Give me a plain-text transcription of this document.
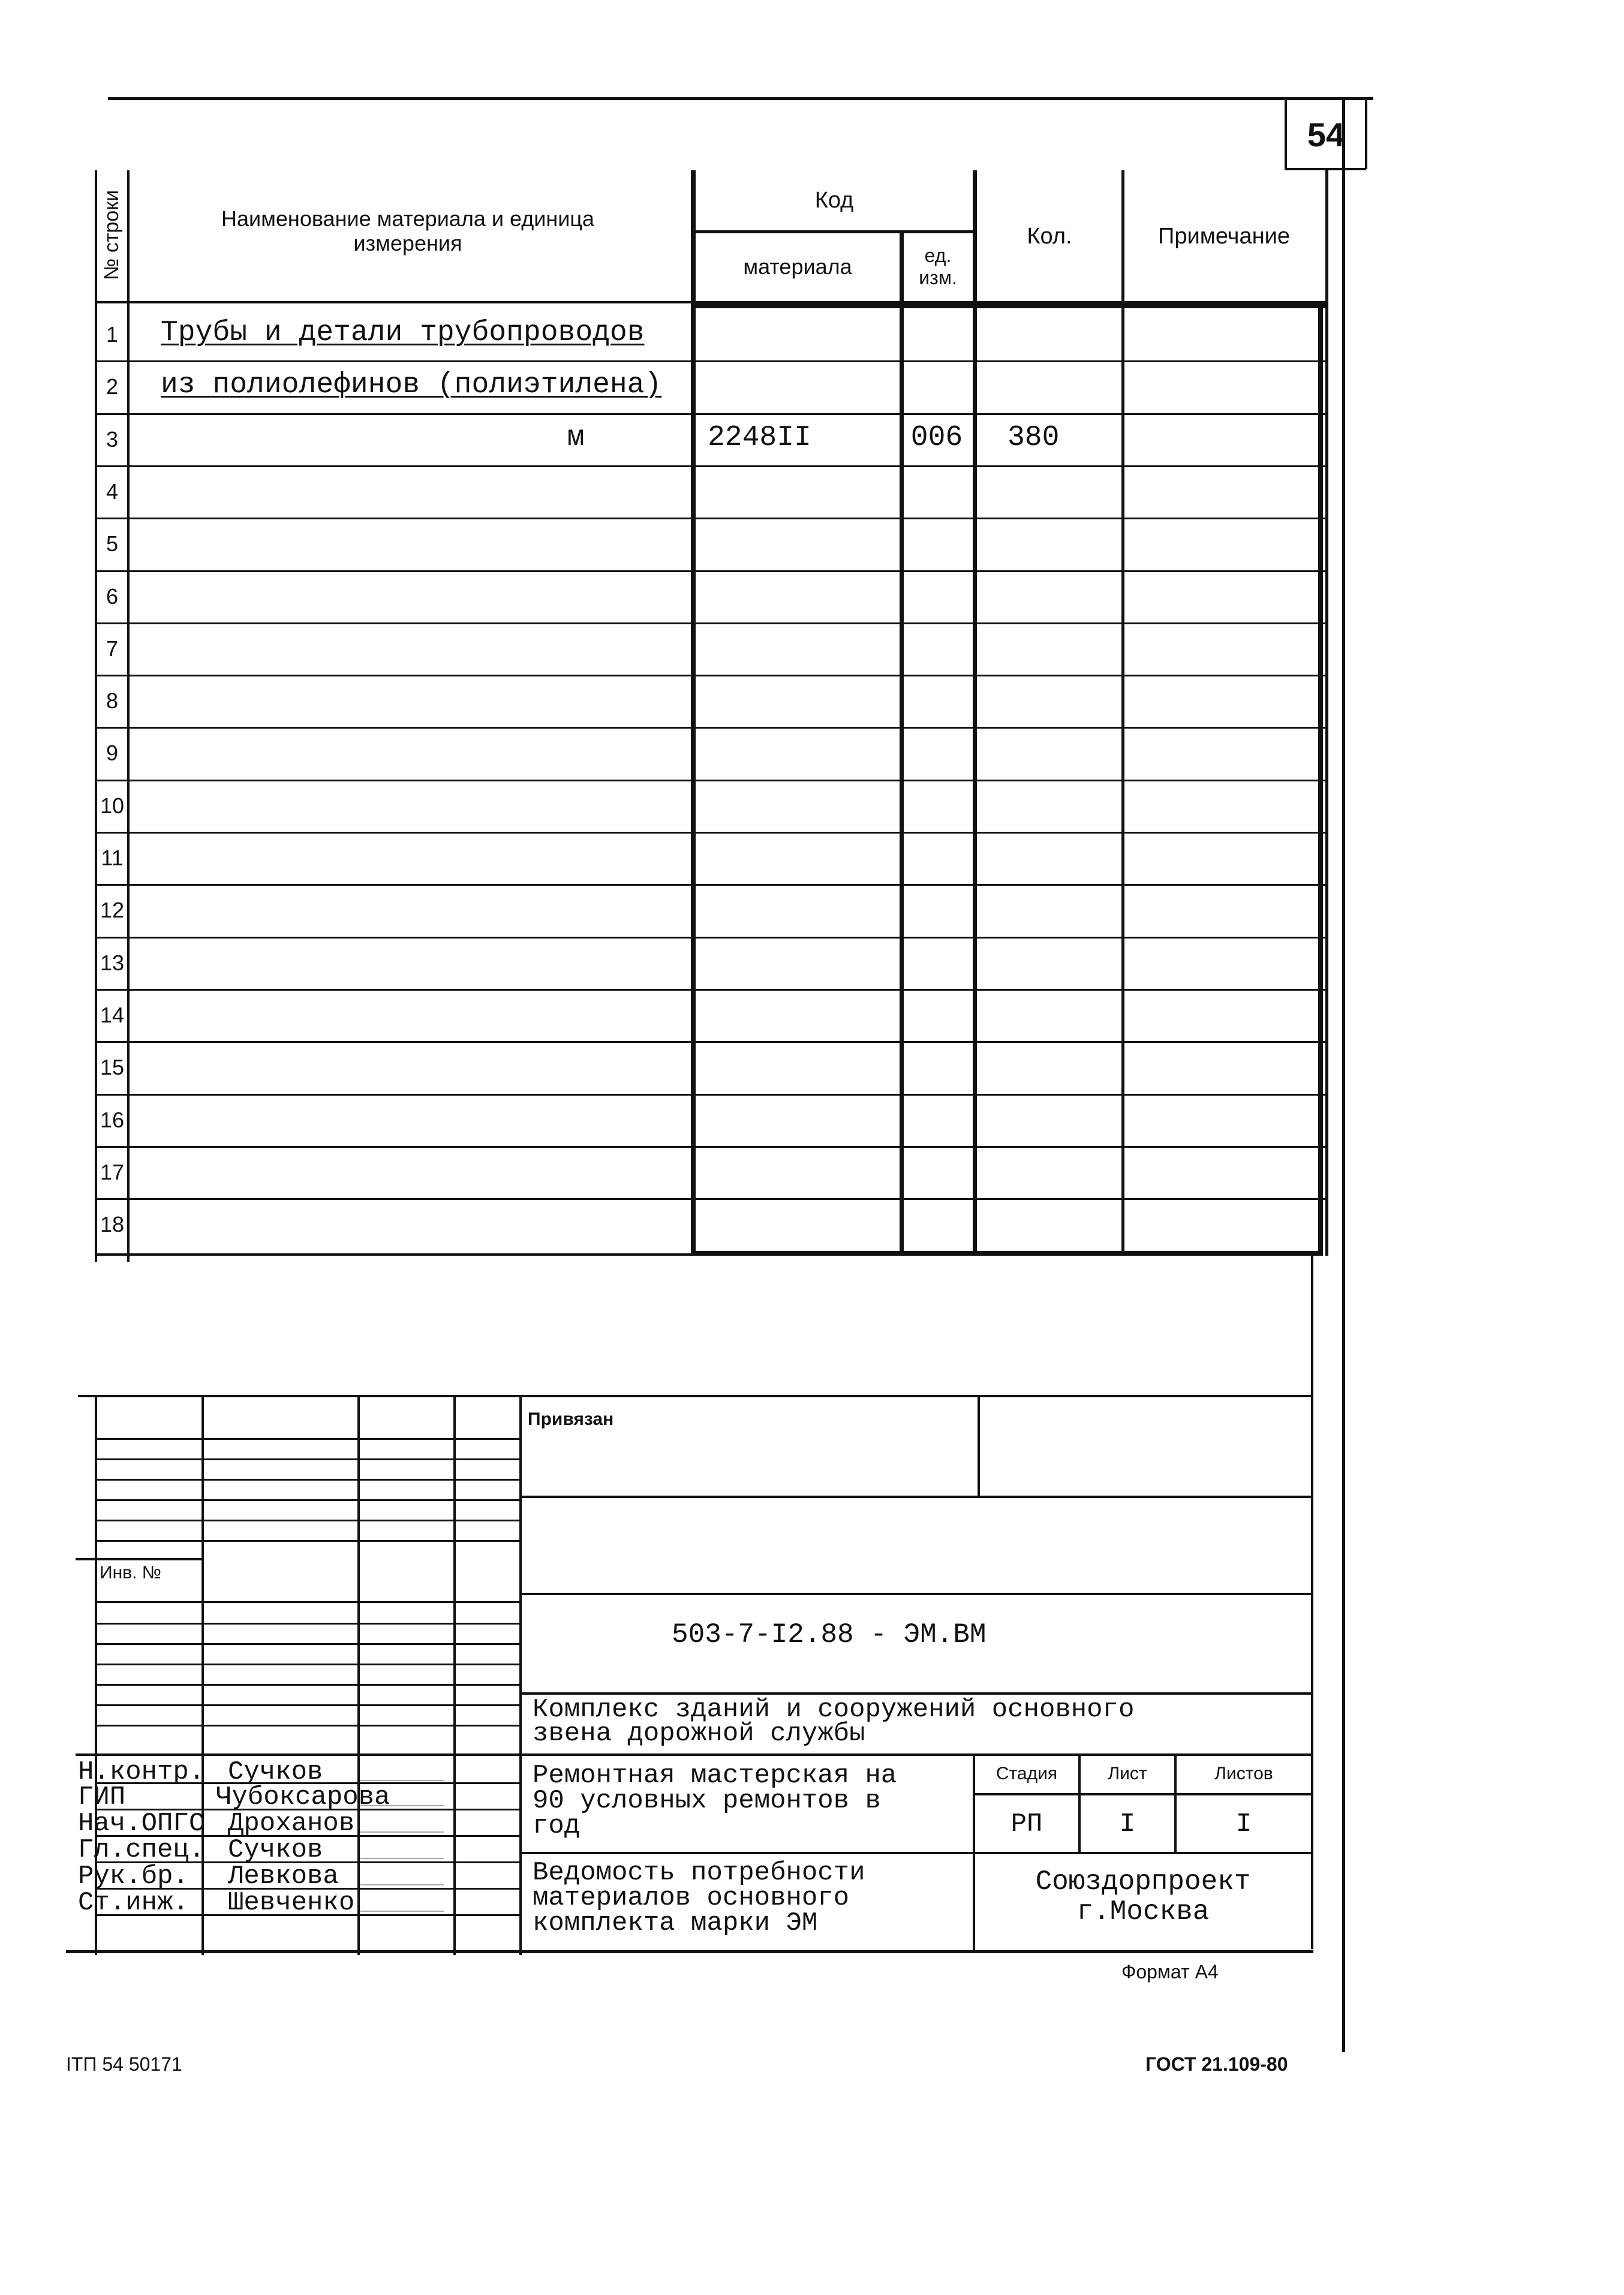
54
№ строки	Наименование материала и единица измерения
Код
материала	ед. изм.
Кол.	Примечание
1	Трубы и детали трубопроводов
2	из полиолефинов (полиэтилена)
3	м	2248II	006	380
4
5
6
7
8
9
10
11
12
13
14
15
16
17
18
Инв. №
Привязан
503-7-I2.88 - ЭМ.ВМ
Комплекс зданий и сооружений основного
звена дорожной службы
Ремонтная мастерская на
90 условных ремонтов в
год
Стадия	Лист	Листов
РП	I	I
Ведомость потребности
материалов основного
комплекта марки ЭМ
Союздорпроект
г.Москва
Н.контр. Сучков
ГИП	Чубоксарова
Нач.ОПГС Дроханов
Гл.спец. Сучков
Рук.бр. Левкова
Ст.инж. Шевченко
Формат А4
ITП 54 50171	ГОСТ 21.109-80
